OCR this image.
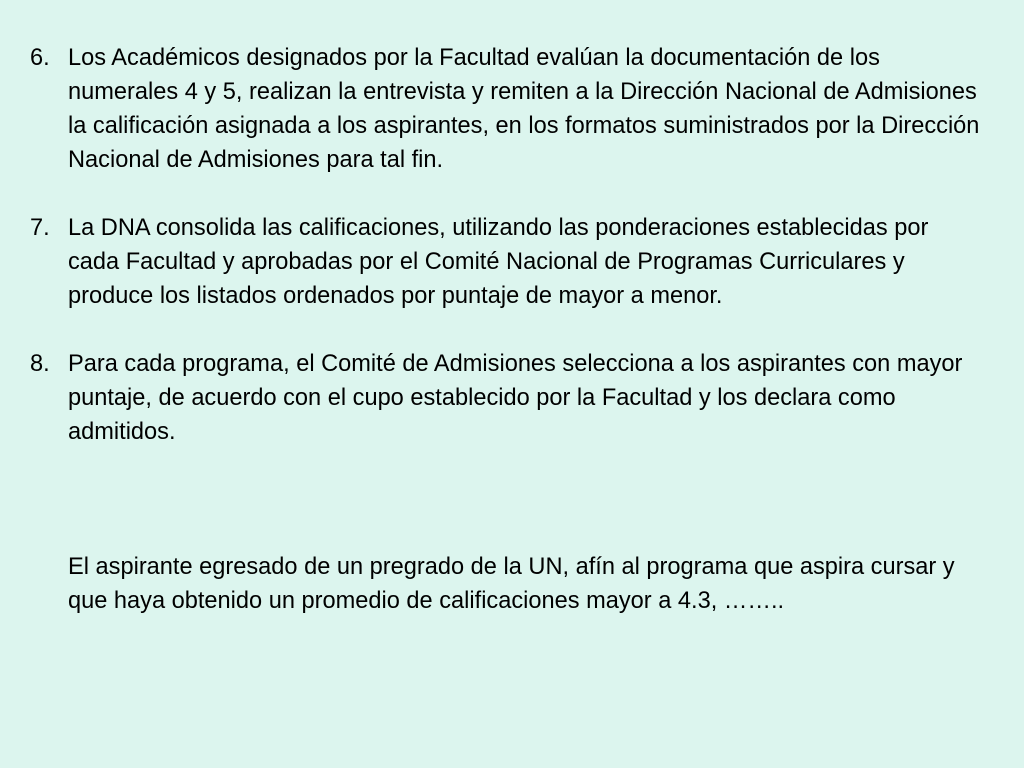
6. Los Académicos designados por la Facultad evalúan la documentación de los numerales 4 y 5, realizan la entrevista y remiten a la Dirección Nacional de Admisiones la calificación asignada a los aspirantes, en los formatos suministrados por la Dirección Nacional de Admisiones para tal fin.
7. La DNA consolida las calificaciones, utilizando las ponderaciones establecidas por cada Facultad y aprobadas por el Comité Nacional de Programas Curriculares y produce los listados ordenados por puntaje de mayor a menor.
8. Para cada programa, el Comité de Admisiones selecciona a los aspirantes con mayor puntaje, de acuerdo con el cupo establecido por la Facultad y los declara como admitidos.

El aspirante egresado de un pregrado de la UN, afín al programa que aspira cursar y que haya obtenido un promedio de calificaciones mayor a 4.3, ……..
